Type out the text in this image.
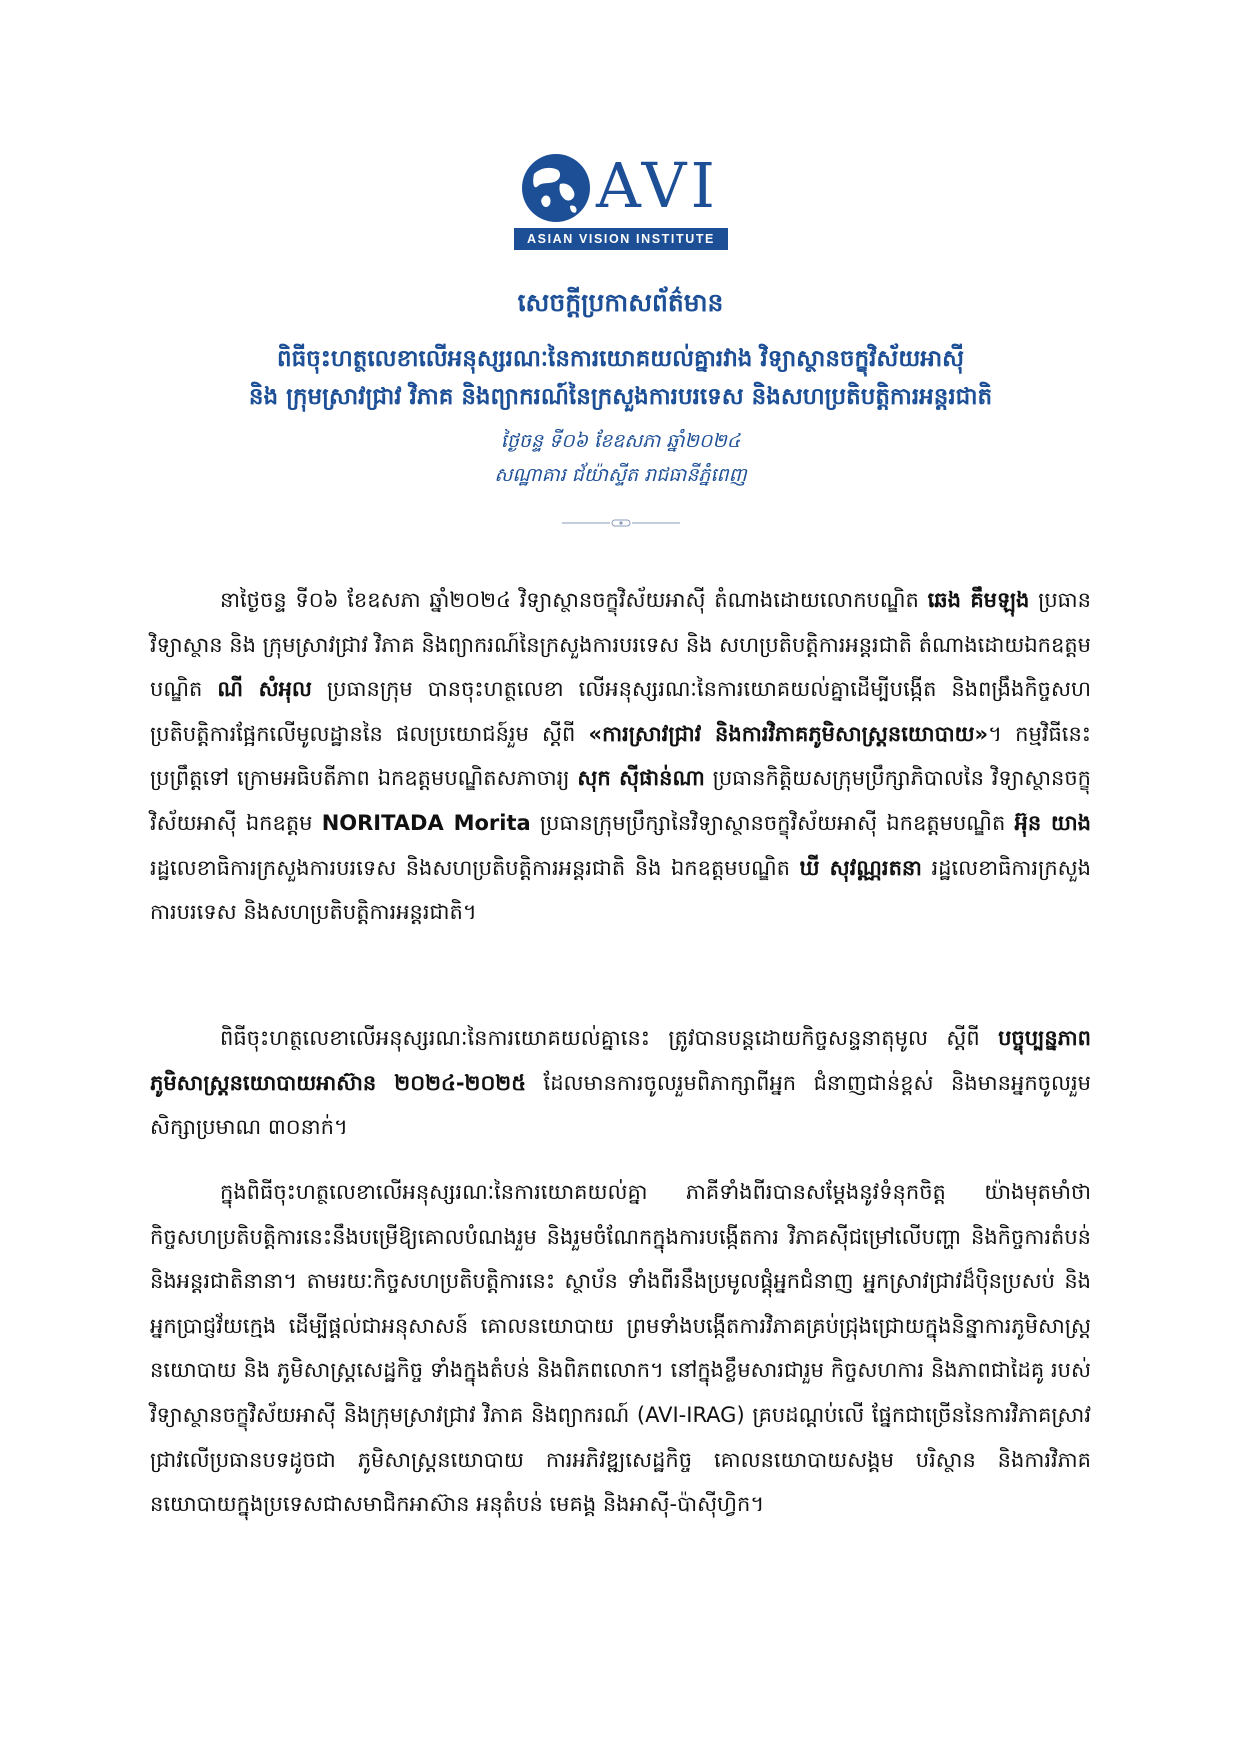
AVI
ASIAN VISION INSTITUTE
សេចក្ដីប្រកាសព័ត៌មាន
ពិធីចុះហត្ថលេខាលើអនុស្សរណៈនៃការយោគយល់គ្នារវាង វិទ្យាស្ថានចក្ខុវិស័យអាស៊ី
និង ក្រុមស្រាវជ្រាវ វិភាគ និងព្យាករណ៍នៃក្រសួងការបរទេស និងសហប្រតិបត្តិការអន្តរជាតិ
ថ្ងៃចន្ទ ទី០៦ ខែឧសភា ឆ្នាំ២០២៤
សណ្ឋាគារ ជ័យ៉ាស្ទីត រាជធានីភ្នំពេញ

នាថ្ងៃចន្ទ ទី០៦ ខែឧសភា ឆ្នាំ២០២៤ វិទ្យាស្ថានចក្ខុវិស័យអាស៊ី តំណាងដោយលោកបណ្ឌិត ឆេង គឹមឡុង ប្រធានវិទ្យាស្ថាន និង ក្រុមស្រាវជ្រាវ វិភាគ និងព្យាករណ៍នៃក្រសួងការបរទេស និង សហប្រតិបត្តិការអន្តរជាតិ តំណាងដោយឯកឧត្តមបណ្ឌិត ណី សំអុល ប្រធានក្រុម បានចុះហត្ថលេខា លើអនុស្សរណៈនៃការយោគយល់គ្នាដើម្បីបង្កើត និងពង្រឹងកិច្ចសហប្រតិបត្តិការផ្អែកលើមូលដ្ឋាននៃ ផលប្រយោជន៍រួម ស្ដីពី «ការស្រាវជ្រាវ និងការវិភាគភូមិសាស្ត្រនយោបាយ»។ កម្មវិធីនេះប្រព្រឹត្តទៅ ក្រោមអធិបតីភាព ឯកឧត្តមបណ្ឌិតសភាចារ្យ សុក ស៊ីផាន់ណា ប្រធានកិត្តិយសក្រុមប្រឹក្សាភិបាលនៃ វិទ្យាស្ថានចក្ខុវិស័យអាស៊ី ឯកឧត្តម NORITADA Morita ប្រធានក្រុមប្រឹក្សានៃវិទ្យាស្ថានចក្ខុវិស័យអាស៊ី ឯកឧត្តមបណ្ឌិត អ៊ុន យាង រដ្ឋលេខាធិការក្រសួងការបរទេស និងសហប្រតិបត្តិការអន្តរជាតិ និង ឯកឧត្តមបណ្ឌិត ឃី សុវណ្ណរតនា រដ្ឋលេខាធិការក្រសួងការបរទេស និងសហប្រតិបត្តិការអន្តរជាតិ។

ពិធីចុះហត្ថលេខាលើអនុស្សរណៈនៃការយោគយល់គ្នានេះ ត្រូវបានបន្តដោយកិច្ចសន្ទនាតុមូល ស្តីពី បច្ចុប្បន្នភាពភូមិសាស្ត្រនយោបាយអាស៊ាន ២០២៤-២០២៥ ដែលមានការចូលរួមពិភាក្សាពីអ្នក ជំនាញជាន់ខ្ពស់ និងមានអ្នកចូលរួមសិក្សាប្រមាណ ៣០នាក់។

ក្នុងពិធីចុះហត្ថលេខាលើអនុស្សរណៈនៃការយោគយល់គ្នា ភាគីទាំងពីរបានសម្ដែងនូវទំនុកចិត្ត យ៉ាងមុតមាំថា កិច្ចសហប្រតិបត្តិការនេះនឹងបម្រើឱ្យគោលបំណងរួម និងរួមចំណែកក្នុងការបង្កើតការ វិភាគស៊ីជម្រៅលើបញ្ហា និងកិច្ចការតំបន់ និងអន្តរជាតិនានា។ តាមរយៈកិច្ចសហប្រតិបត្តិការនេះ ស្ថាប័ន ទាំងពីរនឹងប្រមូលផ្ដុំអ្នកជំនាញ អ្នកស្រាវជ្រាវដ៏ប៉ិនប្រសប់ និងអ្នកប្រាជ្ញវ័យក្មេង ដើម្បីផ្ដល់ជាអនុសាសន៍ គោលនយោបាយ ព្រមទាំងបង្កើតការវិភាគគ្រប់ជ្រុងជ្រោយក្នុងនិន្នាការភូមិសាស្រ្តនយោបាយ និង ភូមិសាស្រ្តសេដ្ឋកិច្ច ទាំងក្នុងតំបន់ និងពិភពលោក។ នៅក្នុងខ្លឹមសារជារួម កិច្ចសហការ និងភាពជាដៃគូ របស់វិទ្យាស្ថានចក្ខុវិស័យអាស៊ី និងក្រុមស្រាវជ្រាវ វិភាគ និងព្យាករណ៍ (AVI-IRAG) គ្របដណ្ដប់លើ ផ្នែកជាច្រើននៃការវិភាគស្រាវជ្រាវលើប្រធានបទដូចជា ភូមិសាស្ត្រនយោបាយ ការអភិវឌ្ឍសេដ្ឋកិច្ច គោលនយោបាយសង្គម បរិស្ថាន និងការវិភាគនយោបាយក្នុងប្រទេសជាសមាជិកអាស៊ាន អនុតំបន់ មេគង្គ និងអាស៊ី-ប៉ាស៊ីហ្វិក។
